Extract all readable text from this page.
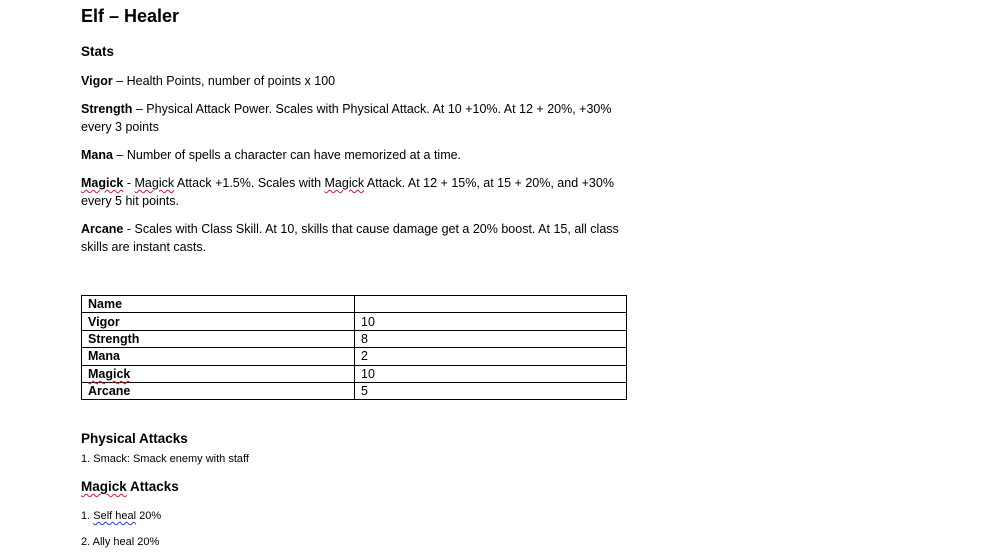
Elf – Healer
Stats
Vigor – Health Points, number of points x 100
Strength – Physical Attack Power. Scales with Physical Attack. At 10 +10%. At 12 + 20%, +30% every 3 points
Mana – Number of spells a character can have memorized at a time.
Magick - Magick Attack +1.5%. Scales with Magick Attack. At 12 + 15%, at 15 + 20%, and +30% every 5 hit points.
Arcane - Scales with Class Skill. At 10, skills that cause damage get a 20% boost. At 15, all class skills are instant casts.
Name	
Vigor	10
Strength	8
Mana	2
Magick	10
Arcane	5
Physical Attacks
1. Smack: Smack enemy with staff
Magick Attacks
1. Self heal 20%
2. Ally heal 20%
